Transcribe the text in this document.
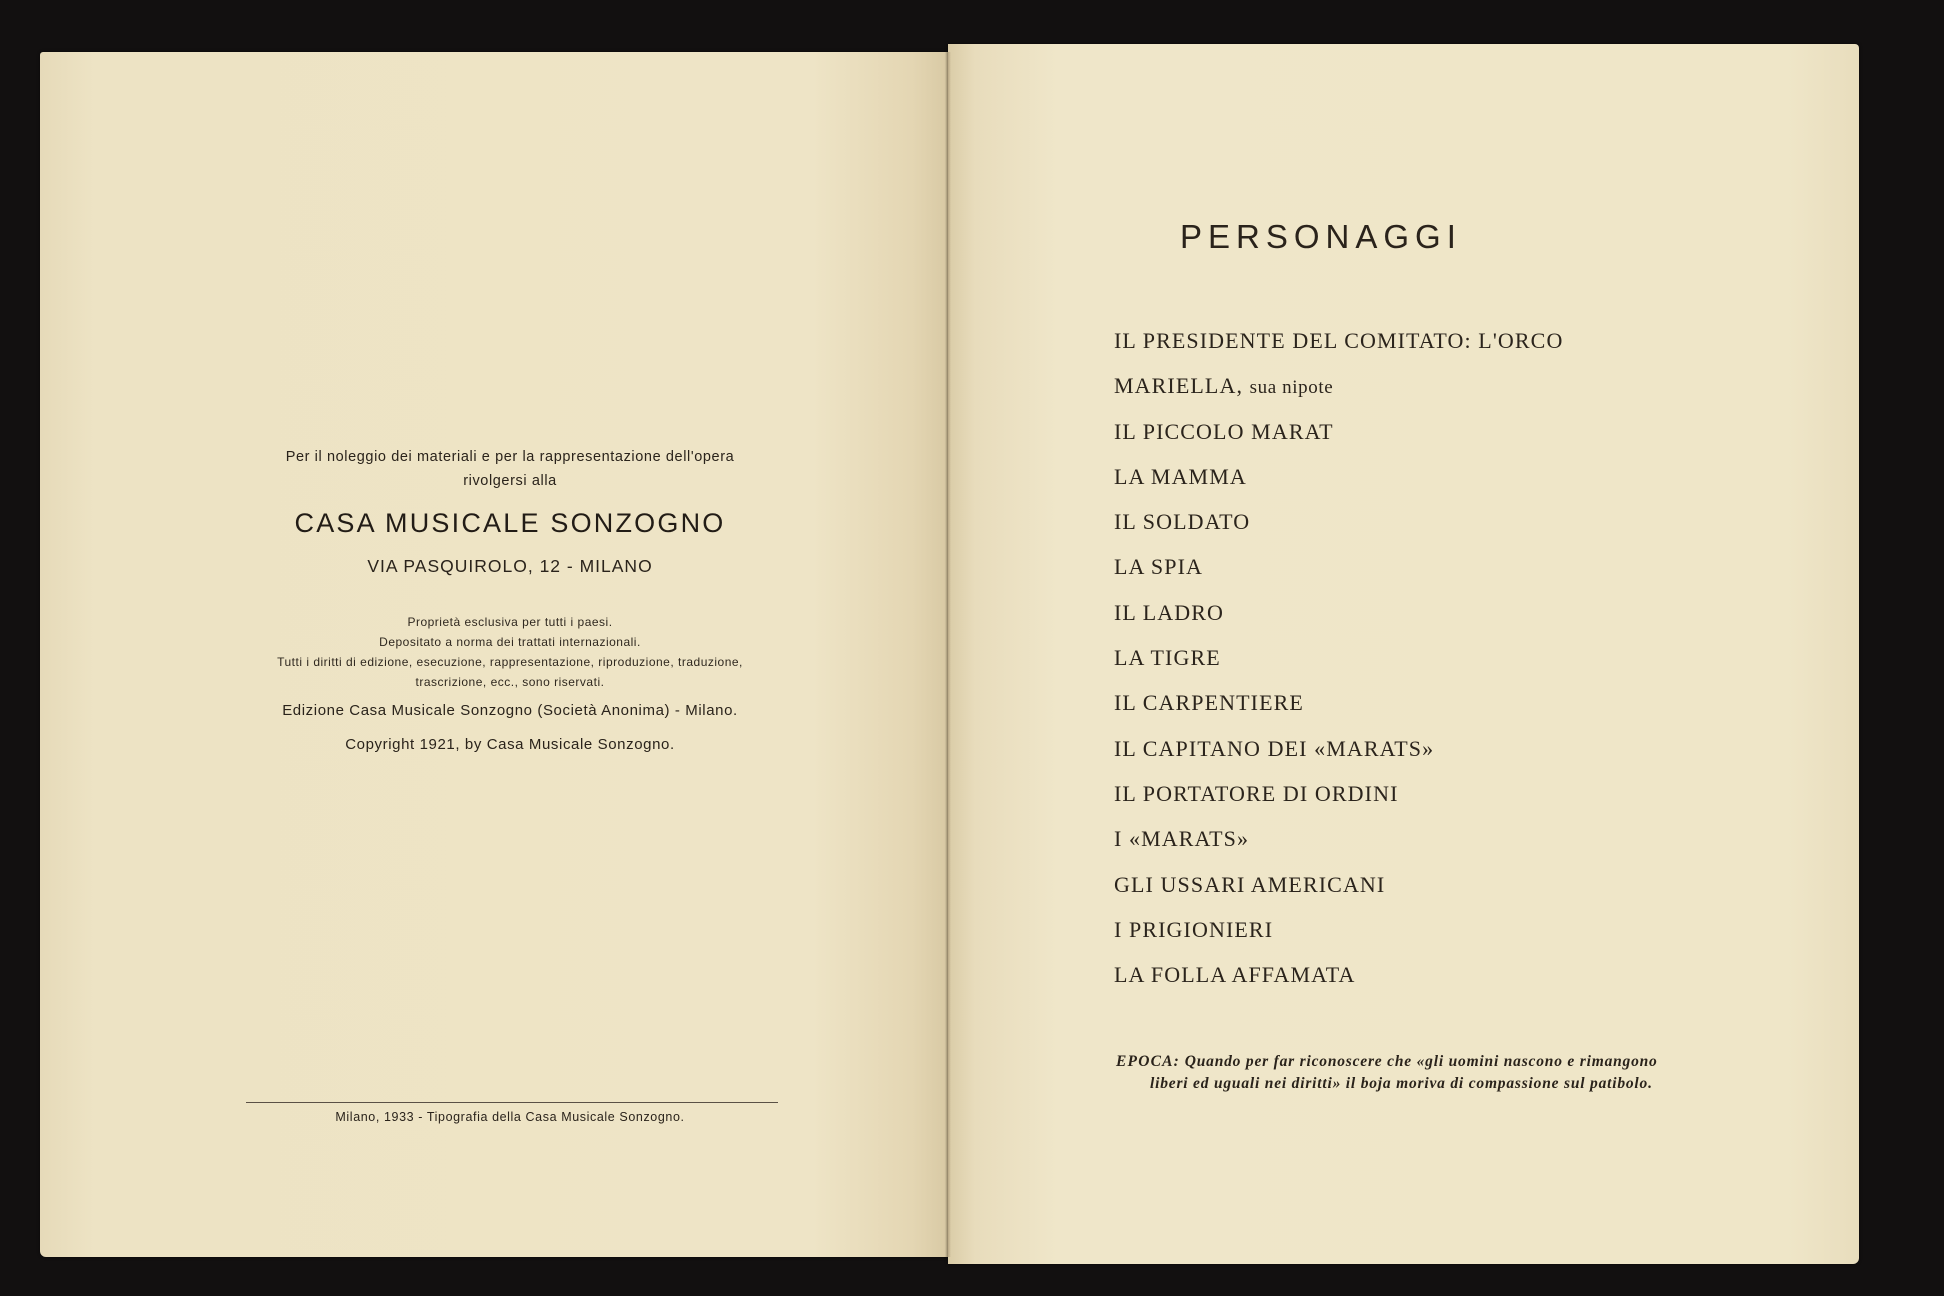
Per il noleggio dei materiali e per la rappresentazione dell'opera
rivolgersi alla
CASA MUSICALE SONZOGNO
VIA PASQUIROLO, 12 - MILANO
Proprietà esclusiva per tutti i paesi.
Depositato a norma dei trattati internazionali.
Tutti i diritti di edizione, esecuzione, rappresentazione, riproduzione, traduzione,
trascrizione, ecc., sono riservati.
Edizione Casa Musicale Sonzogno (Società Anonima) - Milano.
Copyright 1921, by Casa Musicale Sonzogno.
Milano, 1933 - Tipografia della Casa Musicale Sonzogno.
PERSONAGGI
IL PRESIDENTE DEL COMITATO: L'ORCO
MARIELLA, sua nipote
IL PICCOLO MARAT
LA MAMMA
IL SOLDATO
LA SPIA
IL LADRO
LA TIGRE
IL CARPENTIERE
IL CAPITANO DEI «MARATS»
IL PORTATORE DI ORDINI
I «MARATS»
GLI USSARI AMERICANI
I PRIGIONIERI
LA FOLLA AFFAMATA
EPOCA: Quando per far riconoscere che «gli uomini nascono e rimangono liberi ed uguali nei diritti» il boja moriva di compassione sul patibolo.
